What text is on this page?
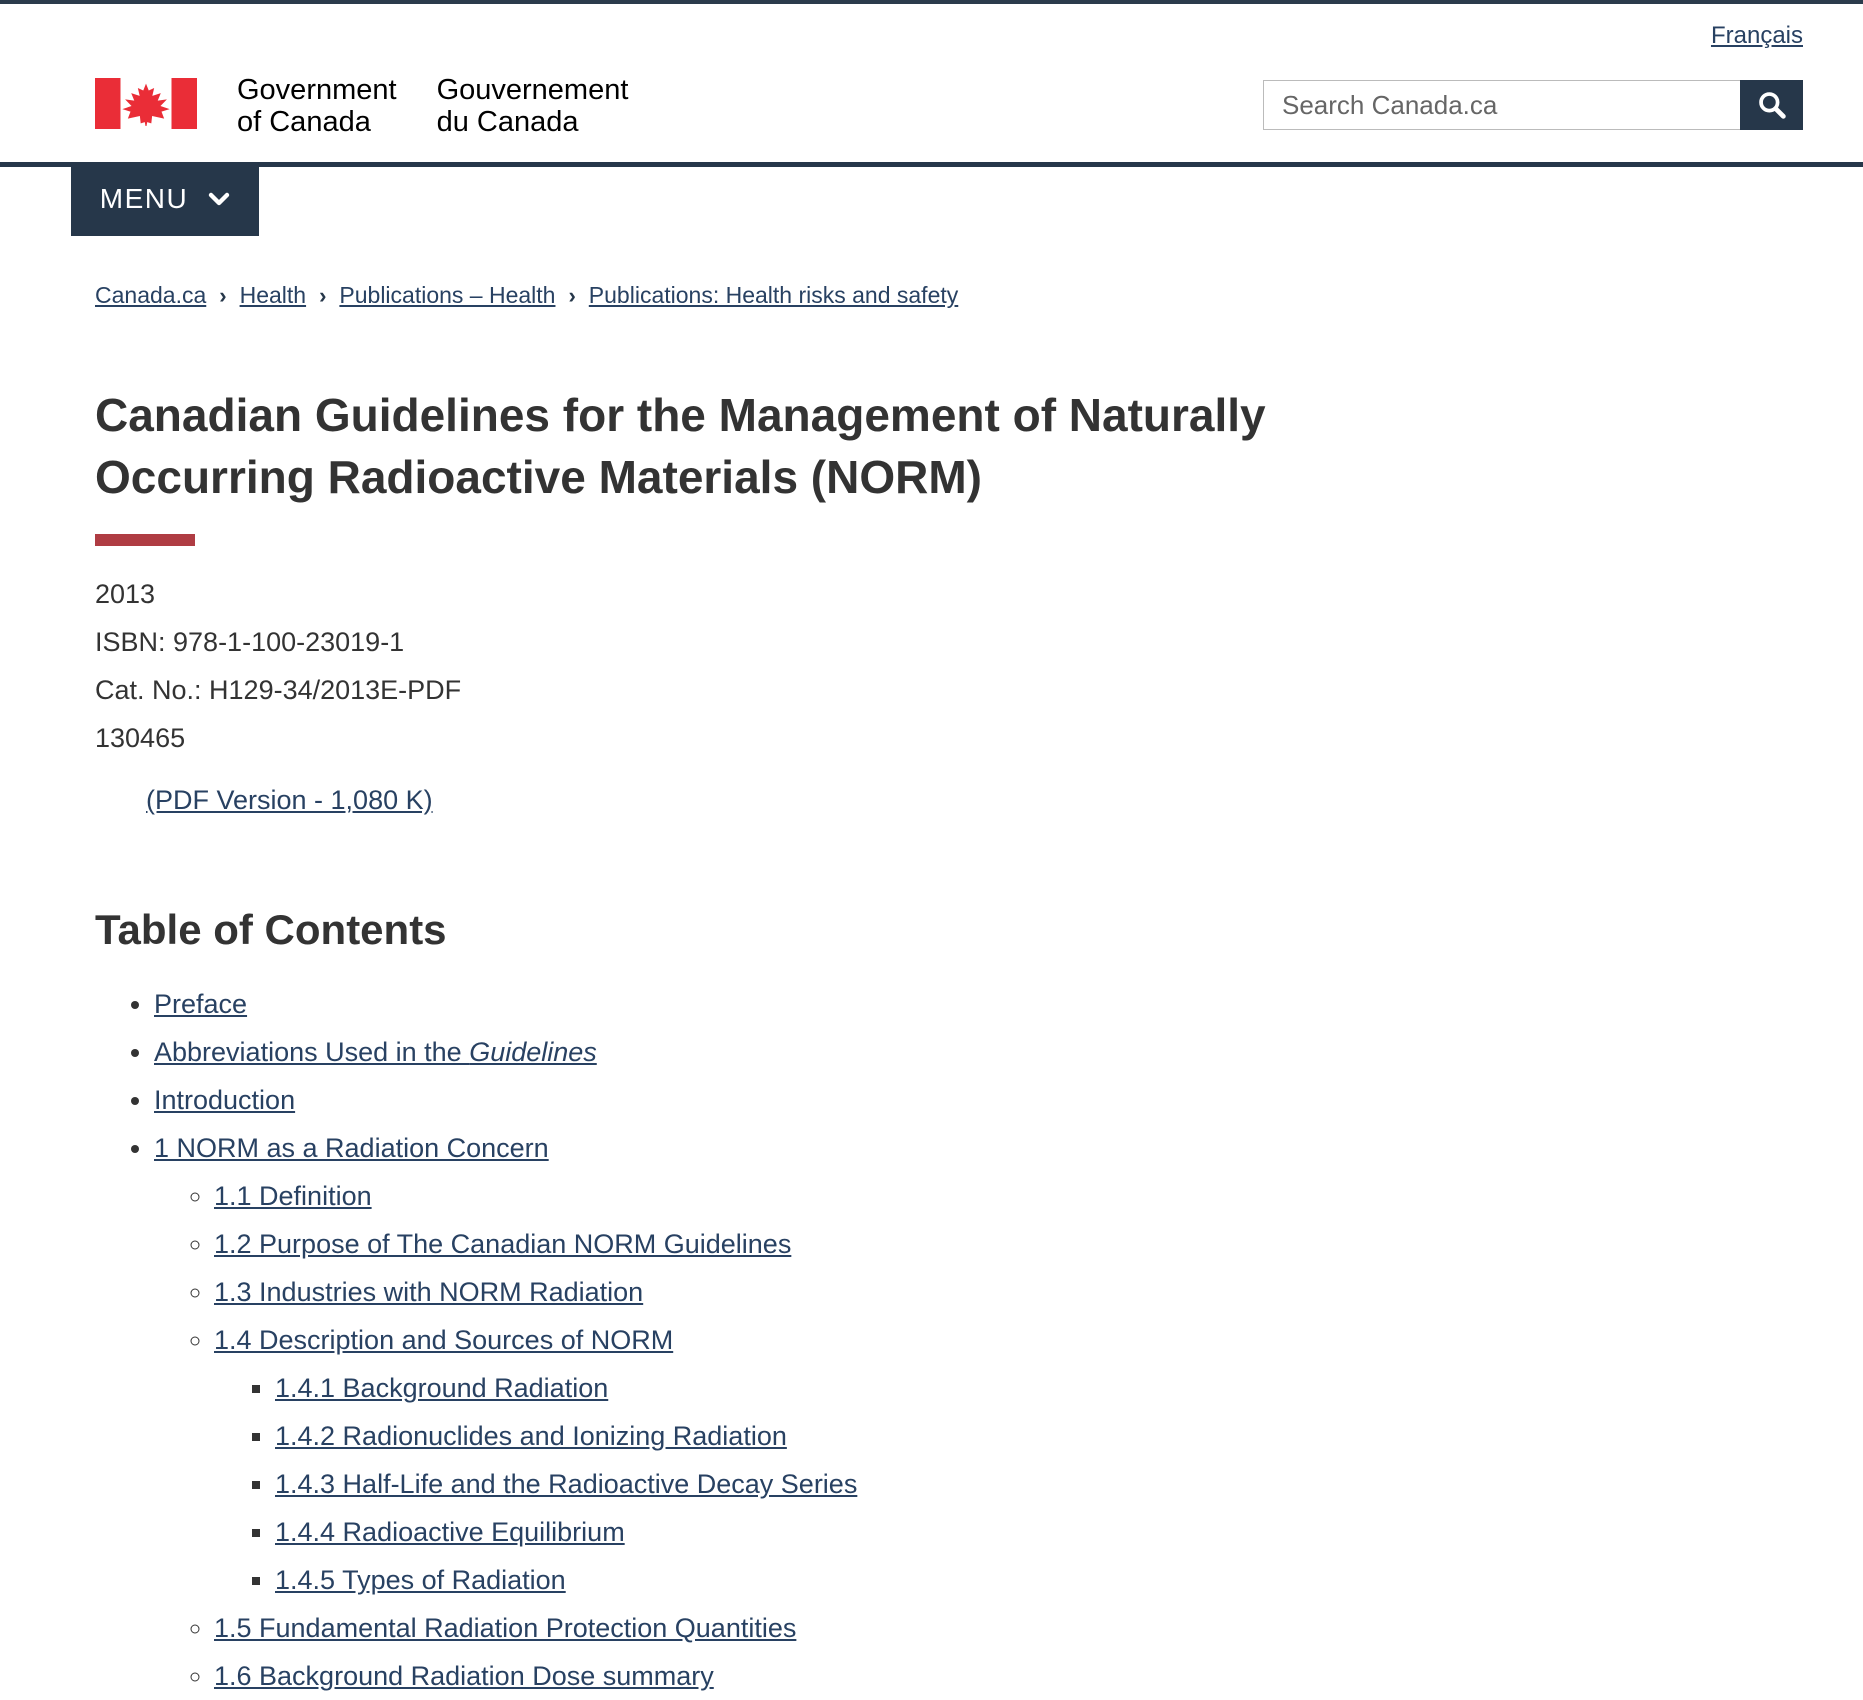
Government
of Canada
Gouvernement
du Canada
Français
Search Canada.ca
MENU
Canada.ca › Health › Publications – Health › Publications: Health risks and safety
Canadian Guidelines for the Management of Naturally Occurring Radioactive Materials (NORM)
2013
ISBN: 978-1-100-23019-1
Cat. No.: H129-34/2013E-PDF
130465
(PDF Version - 1,080 K)
Table of Contents
• Preface
• Abbreviations Used in the Guidelines
• Introduction
• 1 NORM as a Radiation Concern
◦ 1.1 Definition
◦ 1.2 Purpose of The Canadian NORM Guidelines
◦ 1.3 Industries with NORM Radiation
◦ 1.4 Description and Sources of NORM
▪ 1.4.1 Background Radiation
▪ 1.4.2 Radionuclides and Ionizing Radiation
▪ 1.4.3 Half-Life and the Radioactive Decay Series
▪ 1.4.4 Radioactive Equilibrium
▪ 1.4.5 Types of Radiation
◦ 1.5 Fundamental Radiation Protection Quantities
◦ 1.6 Background Radiation Dose summary
